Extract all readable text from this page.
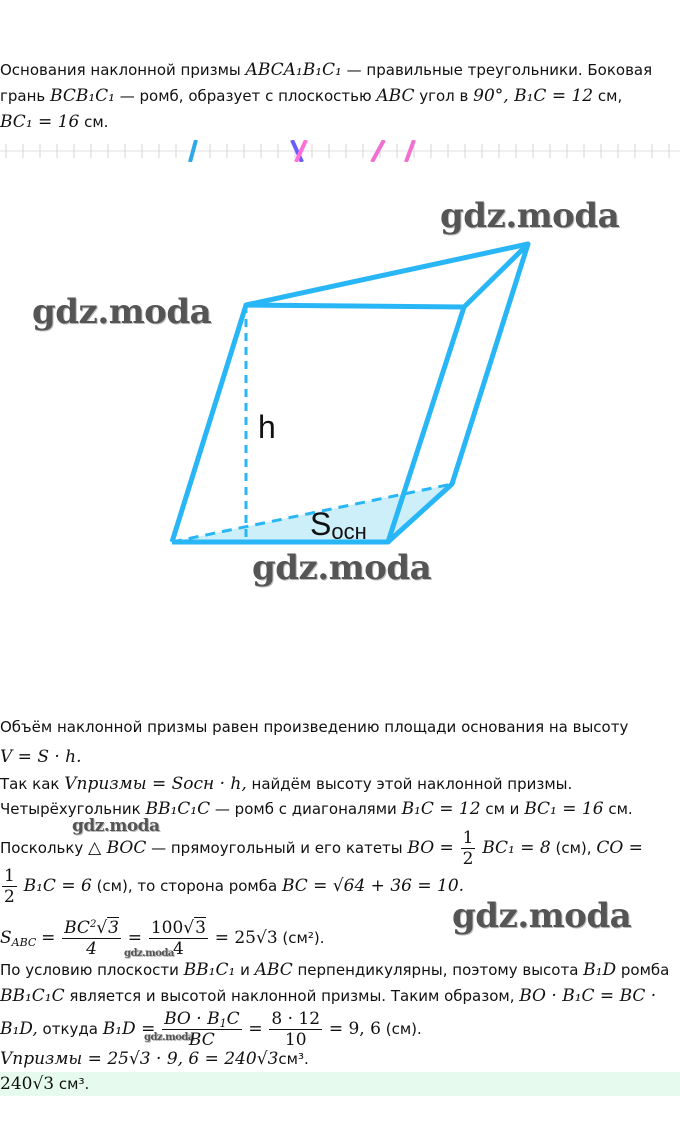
Основания наклонной призмы ABCA₁B₁C₁ — правильные треугольники. Боковая
грань BCB₁C₁ — ромб, образует с плоскостью ABC угол в 90°, B₁C = 12 см,
BC₁ = 16 см.
h
Sосн
gdz.moda
gdz.moda
gdz.moda
gdz.moda
gdz.moda
gdz.moda
gdz.moda
Объём наклонной призмы равен произведению площади основания на высоту
V = S · h.
Так как Vпризмы = Sосн · h, найдём высоту этой наклонной призмы.
Четырёхугольник BB₁C₁C — ромб с диагоналями B₁C = 12 см и BC₁ = 16 см.
Поскольку △ BOC — прямоугольный и его катеты BO = $\frac{1}{2} BC_1 = 8$ (см), CO =
$\frac{1}{2} B_1C = 6$ (см), то сторона ромба BC = √64 + 36 = 10.
$S_{ABC} = \frac{BC^2√3}{4} = \frac{100√3}{4} = 25√3$ (см²).
По условию плоскости BB₁C₁ и ABC перпендикулярны, поэтому высота B₁D ромба
BB₁C₁C является и высотой наклонной призмы. Таким образом, BO · B₁C = BC ·
B₁D, откуда $B_1D = \frac{BO \cdot B_1C}{BC} = \frac{8 \cdot 12}{10} = 9$, 6 (см).
Vпризмы = 25√3 · 9, 6 = 240√3см³.
240√3 см³.
